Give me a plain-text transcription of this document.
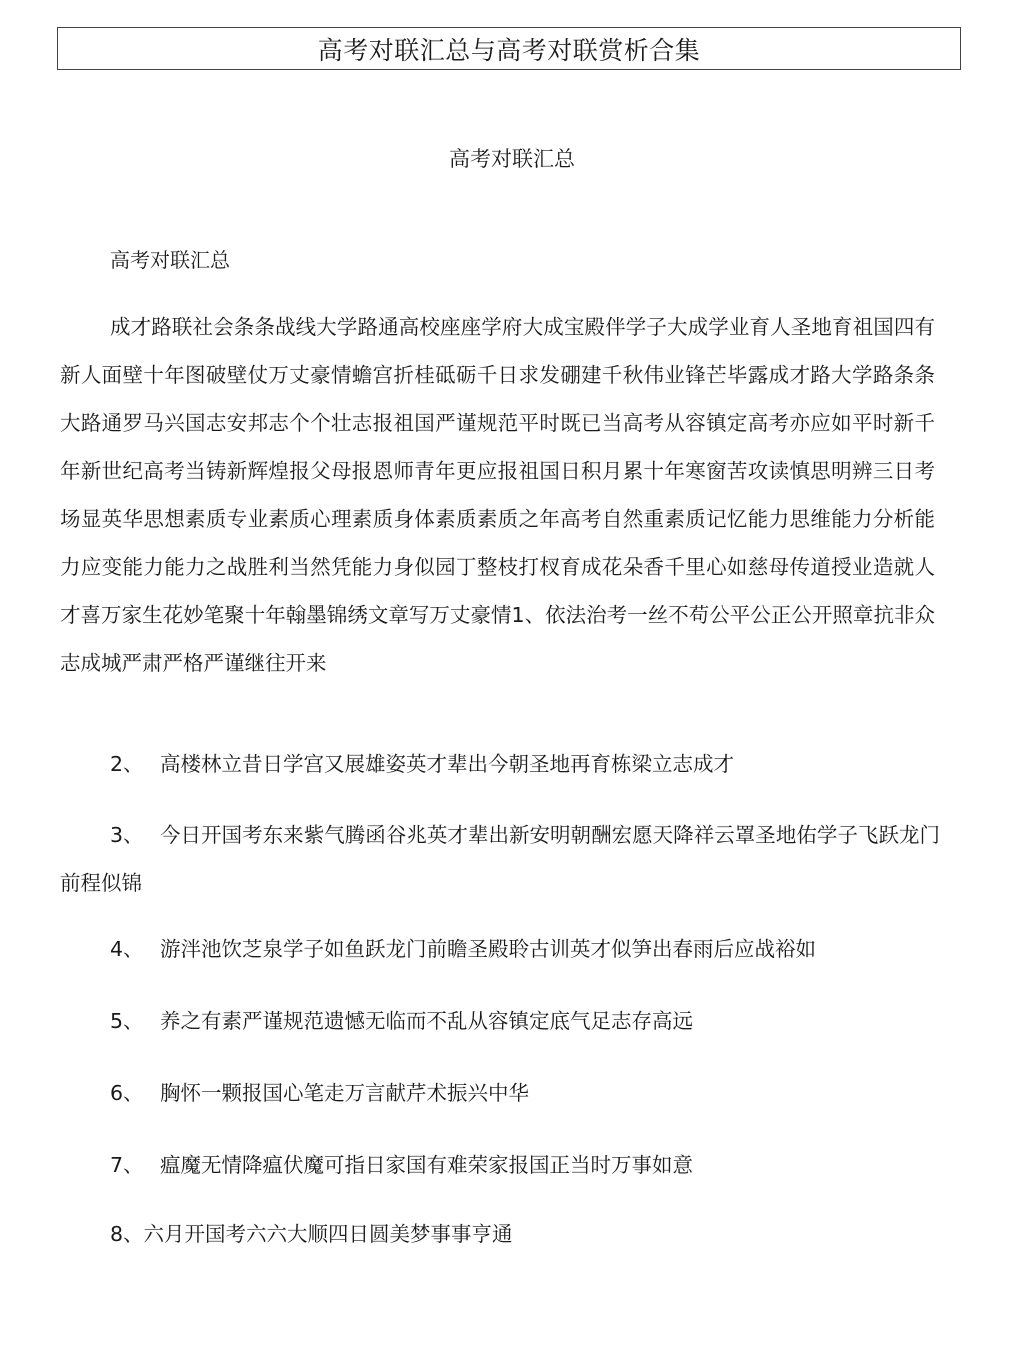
高考对联汇总与高考对联赏析合集
高考对联汇总
高考对联汇总
成才路联社会条条战线大学路通高校座座学府大成宝殿伴学子大成学业育人圣地育祖国四有新人面壁十年图破壁仗万丈豪情蟾宫折桂砥砺千日求发硼建千秋伟业锋芒毕露成才路大学路条条大路通罗马兴国志安邦志个个壮志报祖国严谨规范平时既已当高考从容镇定高考亦应如平时新千年新世纪高考当铸新辉煌报父母报恩师青年更应报祖国日积月累十年寒窗苦攻读慎思明辨三日考场显英华思想素质专业素质心理素质身体素质素质之年高考自然重素质记忆能力思维能力分析能力应变能力能力之战胜利当然凭能力身似园丁整枝打杈育成花朵香千里心如慈母传道授业造就人才喜万家生花妙笔聚十年翰墨锦绣文章写万丈豪情1、依法治考一丝不苟公平公正公开照章抗非众志成城严肃严格严谨继往开来
2、 高楼林立昔日学宫又展雄姿英才辈出今朝圣地再育栋梁立志成才
3、 今日开国考东来紫气腾函谷兆英才辈出新安明朝酬宏愿天降祥云罩圣地佑学子飞跃龙门前程似锦
4、 游泮池饮芝泉学子如鱼跃龙门前瞻圣殿聆古训英才似笋出春雨后应战裕如
5、 养之有素严谨规范遗憾无临而不乱从容镇定底气足志存高远
6、 胸怀一颗报国心笔走万言献芹术振兴中华
7、 瘟魔无情降瘟伏魔可指日家国有难荣家报国正当时万事如意
8、六月开国考六六大顺四日圆美梦事事亨通
